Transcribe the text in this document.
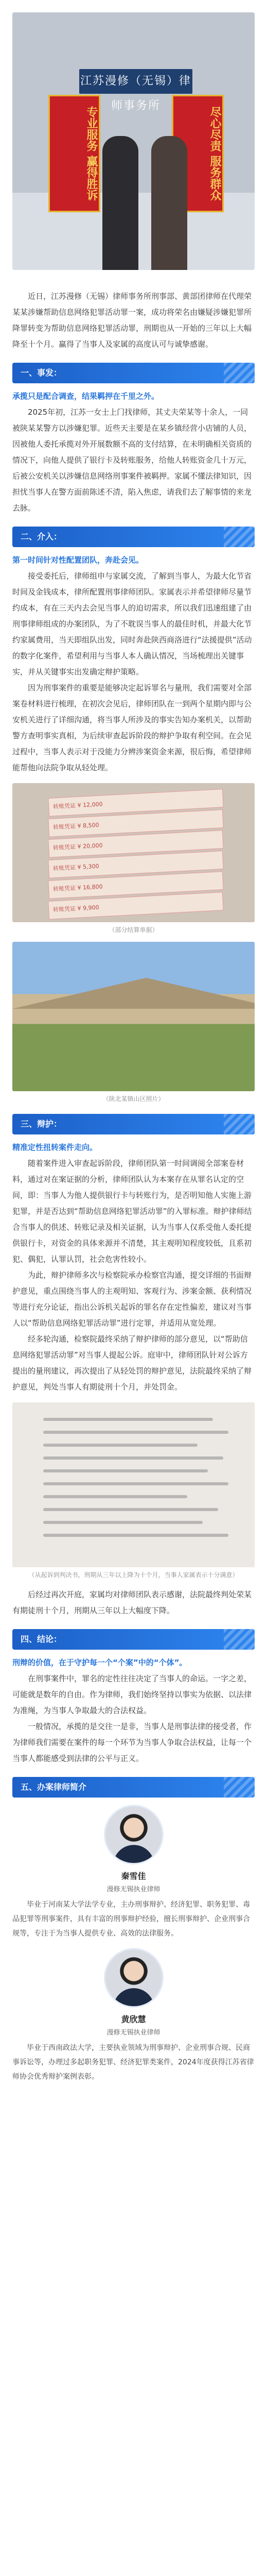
江苏漫修（无锡）律师事务所
专业服务 赢得胜诉	尽心尽责 服务群众

近日，江苏漫修（无锡）律师事务所刑事部、黄部团律师在代理荣某某涉嫌帮助信息网络犯罪活动罪一案，成功将荣名由嫌疑涉嫌犯罪所降罪转变为帮助信息网络犯罪活动罪，刑期也从一开始的三年以上大幅降至十个月。赢得了当事人及家属的高度认可与诚挚感谢。

一、事发：

承揽只是配合调查，结果羁押在千里之外。

2025年初，江苏一女士上门找律师，其丈夫荣某等十余人，一同被陕某某警方以涉嫌犯罪。近些天主要是在某乡镇经营小店铺的人员，因被他人委托承揽对外开展数额不高的支付结算，在未明确相关资质的情况下，向他人提供了银行卡及转账服务，给他人转账资金几十万元，后被公安机关以涉嫌信息网络刑事案件被羁押。家属不懂法律知识，因担忧当事人在警方面前陈述不清，陷入焦虑，请我们去了解事情的来龙去脉。

二、介入：

第一时间针对性配置团队，奔赴会见。

接受委托后，律师组申与家属交流，了解到当事人，为最大化节省时间及金钱成本，律所配置刑事律师团队。家属表示并希望律师尽量节约成本，有在三天内去会见当事人的迫切需求，所以我们迅速组建了由刑事律师组成的办案团队，为了不耽误当事人的最佳时机，并最大化节约家属费用，当天即组队出发，同时奔赴陕西商洛进行“法援提供”活动的数字化案件，希望利用与当事人本人确认情况，当场梳理出关键事实，并从关键事实出发确定辩护策略。

因为刑事案件的重要是能够决定起诉罪名与量刑，我们需要对全部案卷材料进行梳理，在初次会见后，律师团队在一到两个星期内即与公安机关进行了详细沟通，将当事人所涉及的事实告知办案机关，以帮助警方查明事实真相，为后续审查起诉阶段的辩护争取有利空间。在会见过程中，当事人表示对于没能力分辨涉案资金来源，很后悔，希望律师能帮他向法院争取从轻处理。

转账凭证 ¥ 12,000
转账凭证 ¥ 8,500
转账凭证 ¥ 20,000
转账凭证 ¥ 5,300
转账凭证 ¥ 16,800
转账凭证 ¥ 9,900
（部分结算单据）
（陕北某镇山区照片）
三、辩护：

精准定性扭转案件走向。

随着案件进入审查起诉阶段，律师团队第一时间调阅全部案卷材料，通过对在案证据的分析，律师团队认为本案存在从罪名认定的空间，即：当事人为他人提供银行卡与转账行为，是否明知他人实施上游犯罪，并是否达到“帮助信息网络犯罪活动罪”的入罪标准。辩护律师结合当事人的供述、转账记录及相关证据，认为当事人仅系受他人委托提供银行卡，对资金的具体来源并不清楚，其主观明知程度较低，且系初犯、偶犯，认罪认罚，社会危害性较小。

为此，辩护律师多次与检察院承办检察官沟通，提交详细的书面辩护意见，重点围绕当事人的主观明知、客观行为、涉案金额、获利情况等进行充分论证，指出公诉机关起诉的罪名存在定性偏差，建议对当事人以“帮助信息网络犯罪活动罪”进行定罪，并适用从宽处理。

经多轮沟通，检察院最终采纳了辩护律师的部分意见，以“帮助信息网络犯罪活动罪”对当事人提起公诉。庭审中，律师团队针对公诉方提出的量刑建议，再次提出了从轻处罚的辩护意见，法院最终采纳了辩护意见，判处当事人有期徒刑十个月，并处罚金。

（从起诉到判决书，刑期从三年以上降为十个月，当事人家属表示十分满意）

后经过再次开庭，家属均对律师团队表示感谢，法院最终判处荣某有期徒刑十个月，刑期从三年以上大幅度下降。

四、结论：

刑辩的价值，在于守护每一个“个案”中的“个体”。

在刑事案件中，罪名的定性往往决定了当事人的命运。一字之差，可能就是数年的自由。作为律师，我们始终坚持以事实为依据、以法律为准绳，为当事人争取最大的合法权益。

一般情况，承揽的是交往一是非，当事人是刑事法律的接受者，作为律师我们需要在案件的每一个环节为当事人争取合法权益，让每一个当事人都能感受到法律的公平与正义。

五、办案律师简介
秦雪佳
漫修无锡执业律师

毕业于河南某大学法学专业，主办刑事辩护、经济犯罪、职务犯罪、毒品犯罪等刑事案件，具有丰富的刑事辩护经验，擅长刑事辩护、企业刑事合规等，专注于为当事人提供专业、高效的法律服务。

黄欣慧
漫修无锡执业律师

毕业于西南政法大学，主要执业领域为刑事辩护、企业刑事合规、民商事诉讼等，办理过多起职务犯罪、经济犯罪类案件，2024年度获得江苏省律师协会优秀辩护案例表彰。
